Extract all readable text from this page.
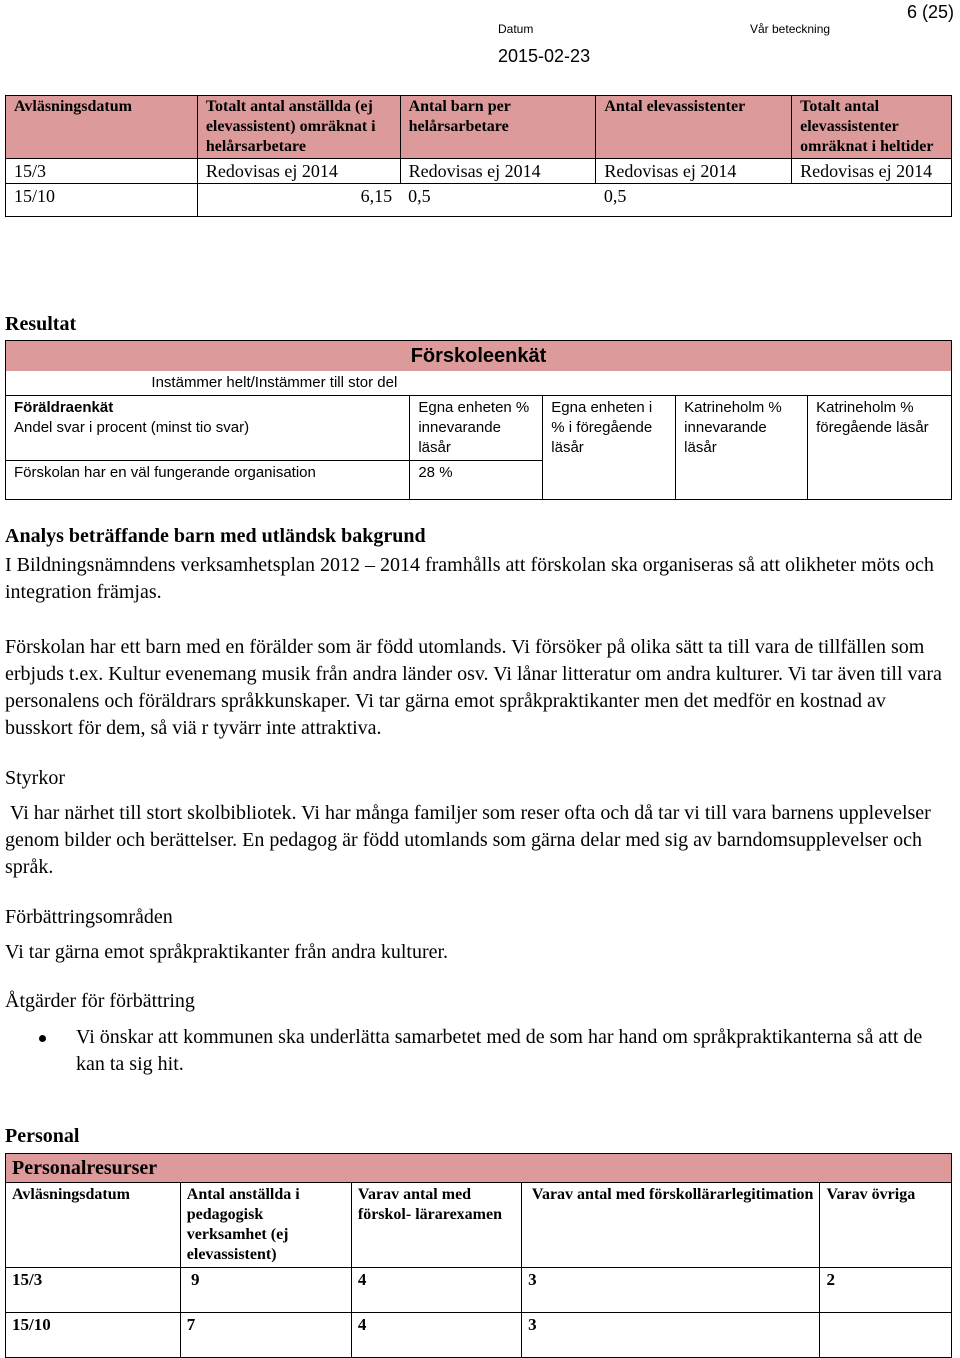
6 (25)
Datum	Vår beteckning
2015-02-23
Avläsningsdatum	Totalt antal anställda (ej elevassistent) omräknat i helårsarbetare	Antal barn per helårsarbetare	Antal elevassistenter	Totalt antal elevassistenter omräknat i heltider
15/3	Redovisas ej 2014	Redovisas ej 2014	Redovisas ej 2014	Redovisas ej 2014
15/10	6,15	0,5	0,5	
Resultat
Förskoleenkät				
Instämmer helt/Instämmer till stor del				

Föräldraenkät
Andel svar i procent (minst tio svar)	Egna enheten % innevarande läsår	Egna enheten i % i föregående läsår	Katrineholm % innevarande läsår	Katrineholm % föregående läsår
Förskolan har en väl fungerande organisation	28 %			
Analys beträffande barn med utländsk bakgrund
I Bildningsnämndens verksamhetsplan 2012 – 2014 framhålls att förskolan ska organiseras så att olikheter möts och integration främjas.
Förskolan har ett barn med en förälder som är född utomlands. Vi försöker på olika sätt ta till vara de tillfällen som erbjuds t.ex. Kultur evenemang musik från andra länder osv. Vi lånar litteratur om andra kulturer. Vi tar även till vara personalens och föräldrars språkkunskaper. Vi tar gärna emot språkpraktikanter men det medför en kostnad av busskort för dem, så viä r tyvärr inte attraktiva.
Styrkor
Vi har närhet till stort skolbibliotek. Vi har många familjer som reser ofta och då tar vi till vara barnens upplevelser genom bilder och berättelser. En pedagog är född utomlands som gärna delar med sig av barndomsupplevelser och språk.
Förbättringsområden
Vi tar gärna emot språkpraktikanter från andra kulturer.
Åtgärder för förbättring
Vi önskar att kommunen ska underlätta samarbetet med de som har hand om språkpraktikanterna så att de kan ta sig hit.
Personal
Personalresurser				
Avläsningsdatum	Antal anställda i pedagogisk verksamhet (ej elevassistent)	Varav antal med förskol- lärarexamen	Varav antal med förskollärarlegitimation	Varav övriga
15/3	9	4	3	2
15/10	7	4	3	
